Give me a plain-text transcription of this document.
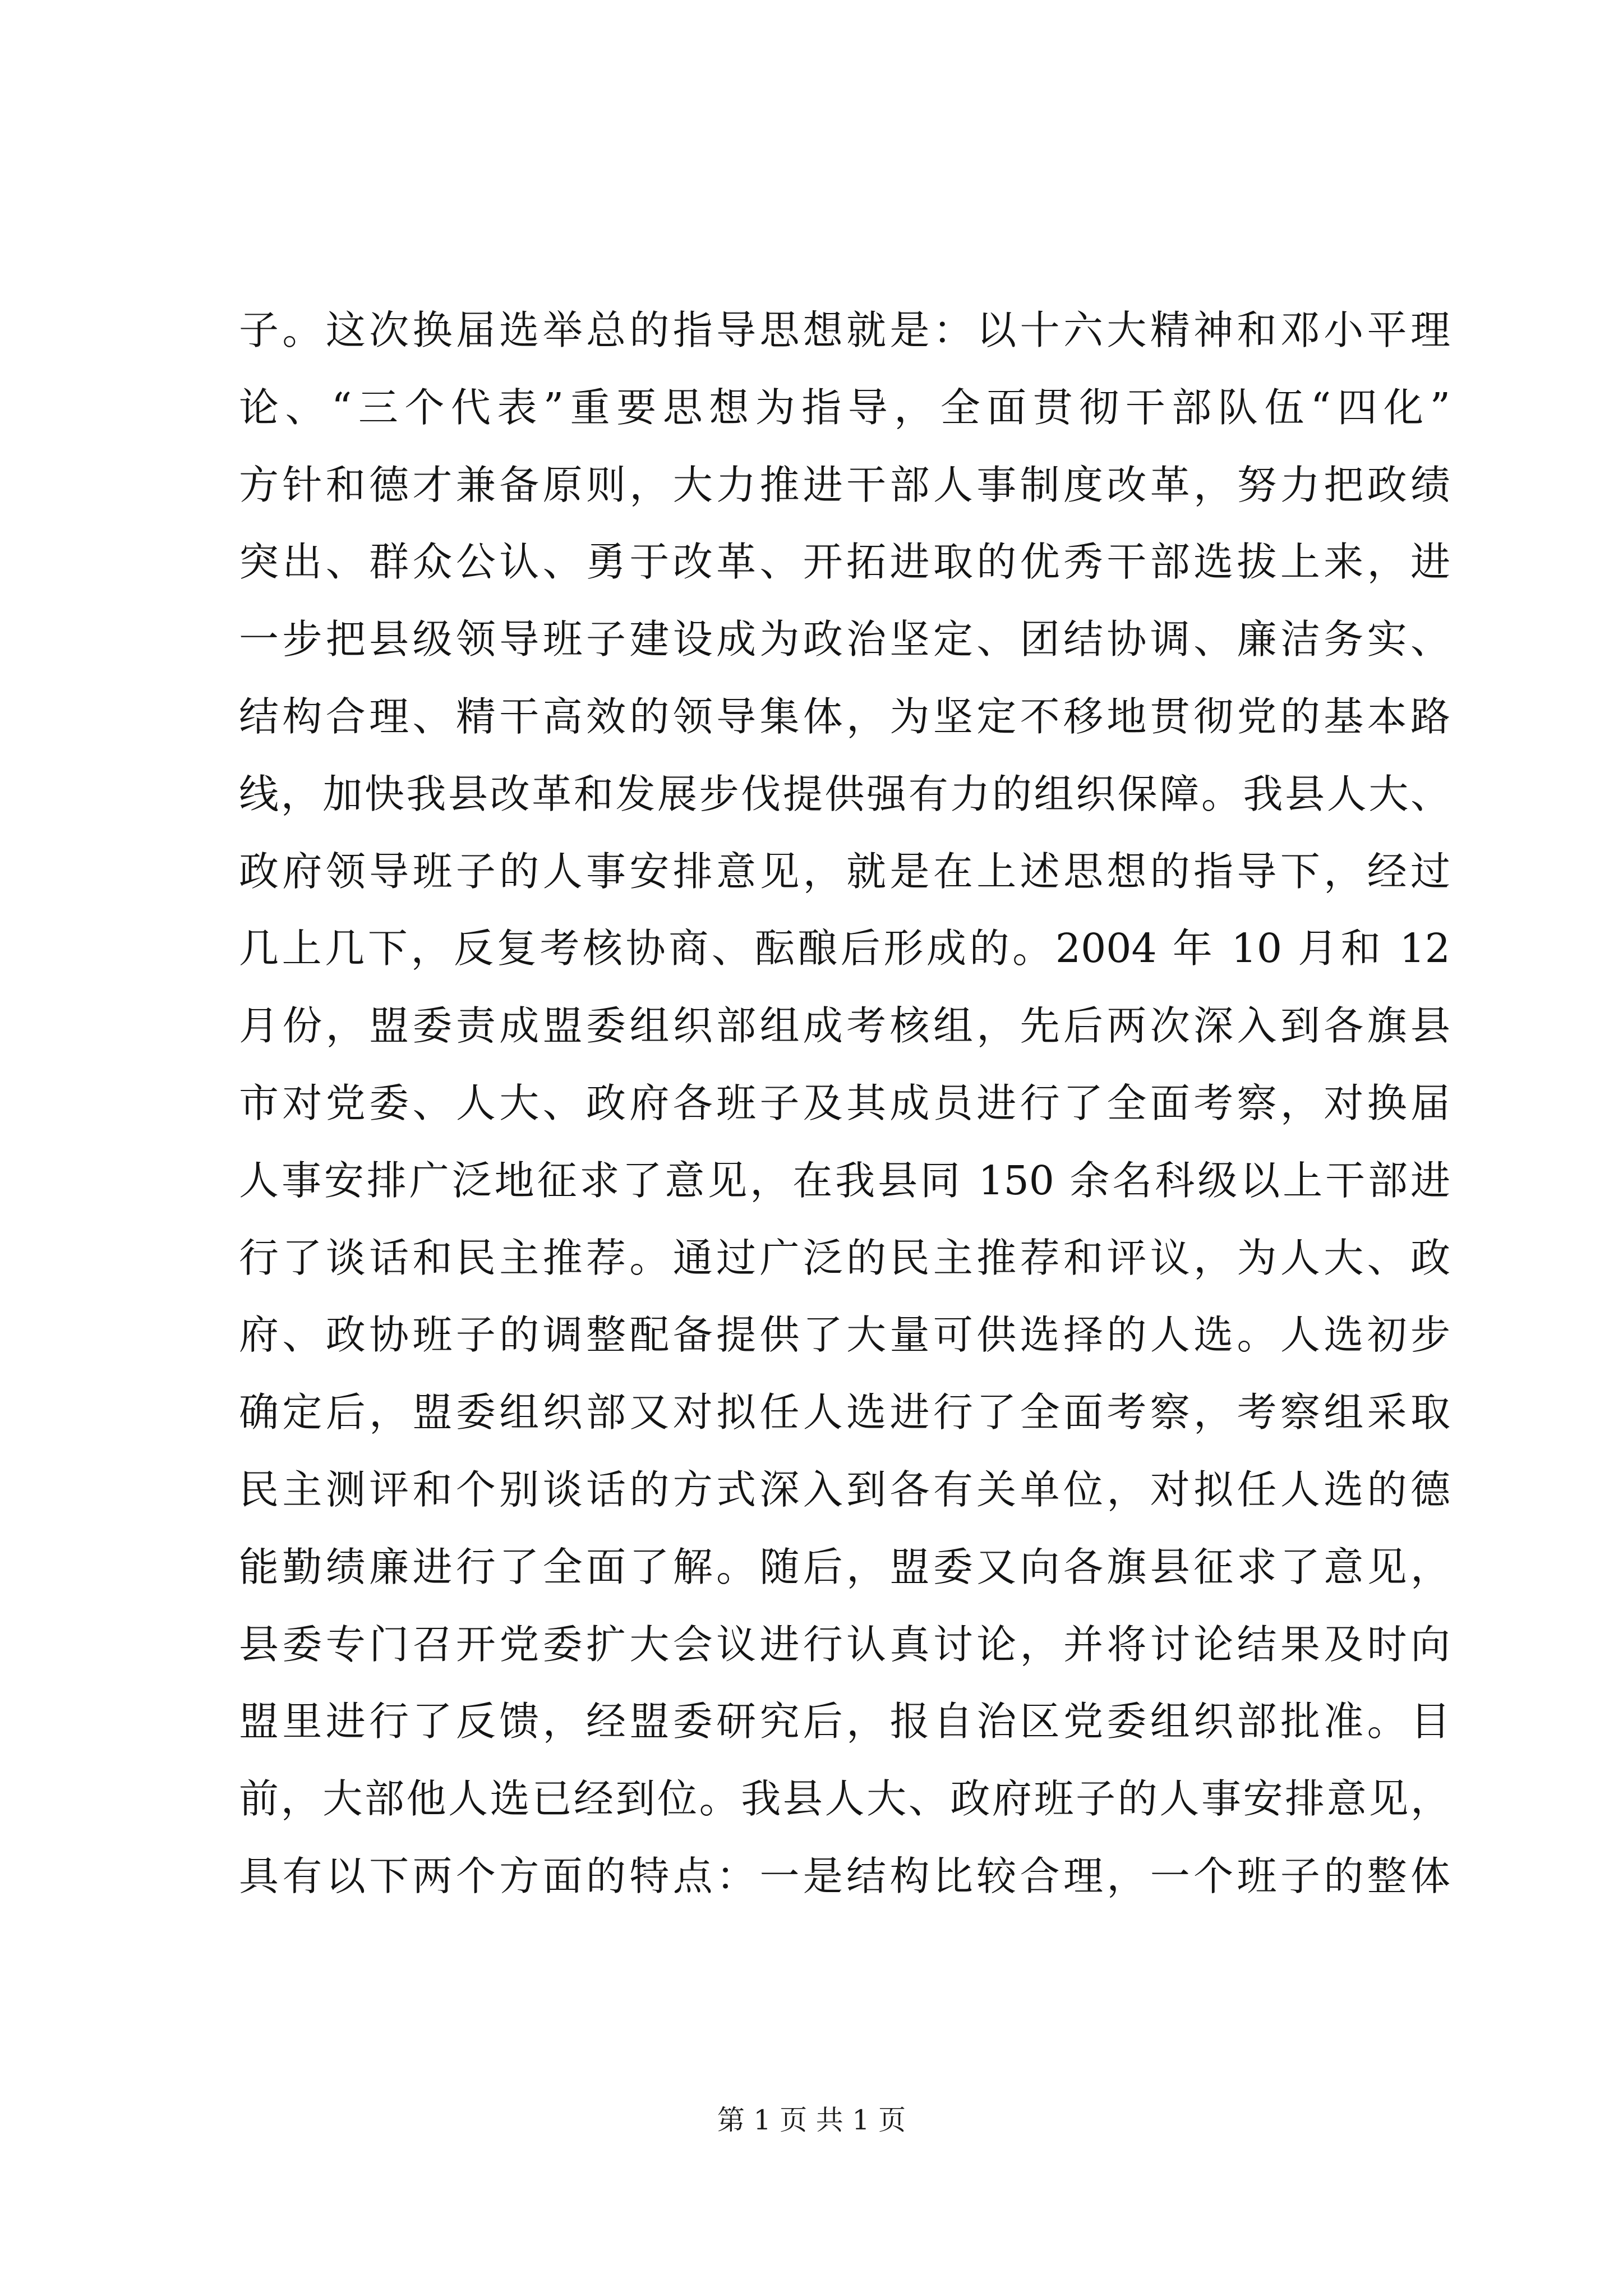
子。这次换届选举总的指导思想就是：以十六大精神和邓小平理
论、“三个代表”重要思想为指导，全面贯彻干部队伍“四化”
方针和德才兼备原则，大力推进干部人事制度改革，努力把政绩
突出、群众公认、勇于改革、开拓进取的优秀干部选拔上来，进
一步把县级领导班子建设成为政治坚定、团结协调、廉洁务实、
结构合理、精干高效的领导集体，为坚定不移地贯彻党的基本路
线，加快我县改革和发展步伐提供强有力的组织保障。我县人大、
政府领导班子的人事安排意见，就是在上述思想的指导下，经过
几上几下，反复考核协商、酝酿后形成的。2004 年 10 月和 12
月份，盟委责成盟委组织部组成考核组，先后两次深入到各旗县
市对党委、人大、政府各班子及其成员进行了全面考察，对换届
人事安排广泛地征求了意见，在我县同 150 余名科级以上干部进
行了谈话和民主推荐。通过广泛的民主推荐和评议，为人大、政
府、政协班子的调整配备提供了大量可供选择的人选。人选初步
确定后，盟委组织部又对拟任人选进行了全面考察，考察组采取
民主测评和个别谈话的方式深入到各有关单位，对拟任人选的德
能勤绩廉进行了全面了解。随后，盟委又向各旗县征求了意见，
县委专门召开党委扩大会议进行认真讨论，并将讨论结果及时向
盟里进行了反馈，经盟委研究后，报自治区党委组织部批准。目
前，大部他人选已经到位。我县人大、政府班子的人事安排意见，
具有以下两个方面的特点：一是结构比较合理，一个班子的整体
第 1 页 共 1 页
